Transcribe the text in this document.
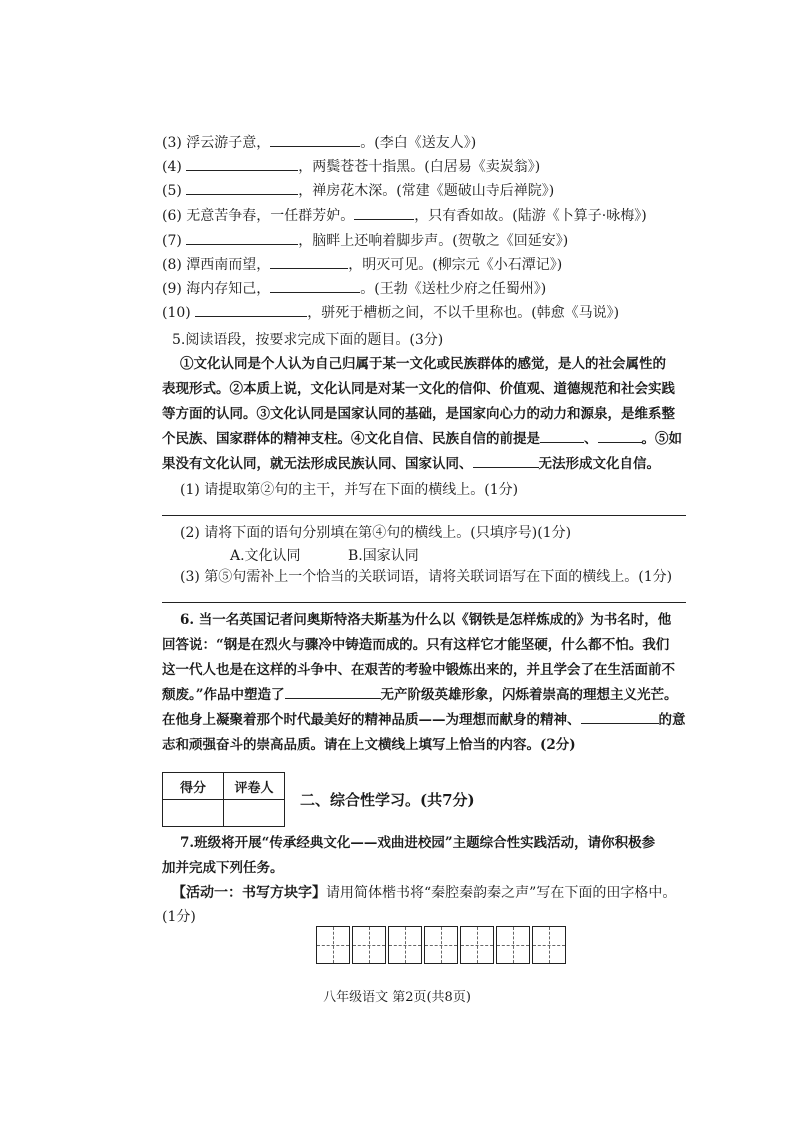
(3) 浮云游子意，	。(李白《送友人》)
(4)	，两鬓苍苍十指黑。(白居易《卖炭翁》)
(5)	，禅房花木深。(常建《题破山寺后禅院》)
(6) 无意苦争春，一任群芳妒。	，只有香如故。(陆游《卜算子·咏梅》)
(7)	，脑畔上还响着脚步声。(贺敬之《回延安》)
(8) 潭西南而望，	，明灭可见。(柳宗元《小石潭记》)
(9) 海内存知己，	。(王勃《送杜少府之任蜀州》)
(10)	，骈死于槽枥之间，不以千里称也。(韩愈《马说》)
5.阅读语段，按要求完成下面的题目。(3分)
①文化认同是个人认为自己归属于某一文化或民族群体的感觉，是人的社会属性的
表现形式。②本质上说，文化认同是对某一文化的信仰、价值观、道德规范和社会实践
等方面的认同。③文化认同是国家认同的基础，是国家向心力的动力和源泉，是维系整
个民族、国家群体的精神支柱。④文化自信、民族自信的前提是	、	。⑤如
果没有文化认同，就无法形成民族认同、国家认同、	无法形成文化自信。
(1) 请提取第②句的主干，并写在下面的横线上。(1分)
(2) 请将下面的语句分别填在第④句的横线上。(只填序号)(1分)
A.文化认同	B.国家认同
(3) 第⑤句需补上一个恰当的关联词语，请将关联词语写在下面的横线上。(1分)
6. 当一名英国记者问奥斯特洛夫斯基为什么以《钢铁是怎样炼成的》为书名时，他
回答说：“钢是在烈火与骤冷中铸造而成的。只有这样它才能坚硬，什么都不怕。我们
这一代人也是在这样的斗争中、在艰苦的考验中锻炼出来的，并且学会了在生活面前不
颓废。”作品中塑造了	无产阶级英雄形象，闪烁着崇高的理想主义光芒。
在他身上凝聚着那个时代最美好的精神品质——为理想而献身的精神、	的意
志和顽强奋斗的崇高品质。请在上文横线上填写上恰当的内容。(2分)
得分	评卷人

二、综合性学习。(共7分)
7.班级将开展“传承经典文化——戏曲进校园”主题综合性实践活动，请你积极参
加并完成下列任务。
【活动一：书写方块字】请用简体楷书将“秦腔秦韵秦之声”写在下面的田字格中。
(1分)
八年级语文 第2页(共8页)
